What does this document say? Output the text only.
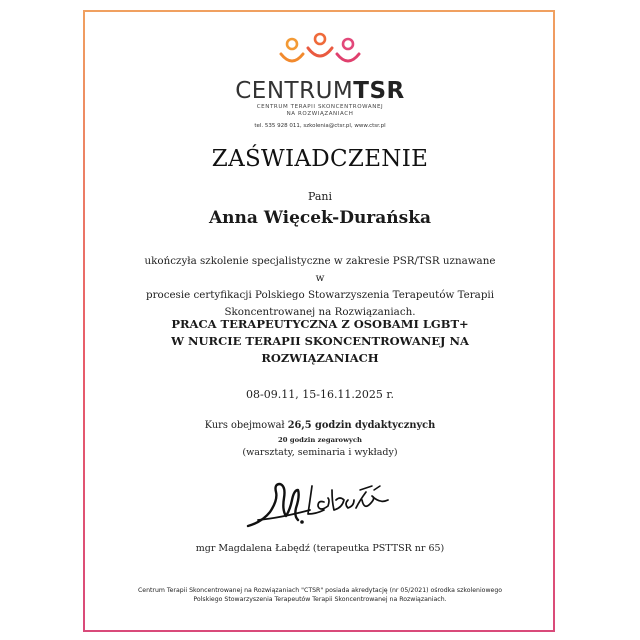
CENTRUMTSR
CENTRUM TERAPII SKONCENTROWANEJ
NA ROZWIĄZANIACH
tel. 535 928 011, szkolenia@ctsr.pl, www.ctsr.pl
ZAŚWIADCZENIE
Pani
Anna Więcek-Durańska
ukończyła szkolenie specjalistyczne w zakresie PSR/TSR uznawane w
procesie certyfikacji Polskiego Stowarzyszenia Terapeutów Terapii
Skoncentrowanej na Rozwiązaniach.
PRACA TERAPEUTYCZNA Z OSOBAMI LGBT+
W NURCIE TERAPII SKONCENTROWANEJ NA
ROZWIĄZANIACH
08-09.11, 15-16.11.2025 r.
Kurs obejmował 26,5 godzin dydaktycznych
20 godzin zegarowych
(warsztaty, seminaria i wykłady)
mgr Magdalena Łabędź (terapeutka PSTTSR nr 65)
Centrum Terapii Skoncentrowanej na Rozwiązaniach "CTSR" posiada akredytację (nr 05/2021) ośrodka szkoleniowego
Polskiego Stowarzyszenia Terapeutów Terapii Skoncentrowanej na Rozwiązaniach.
